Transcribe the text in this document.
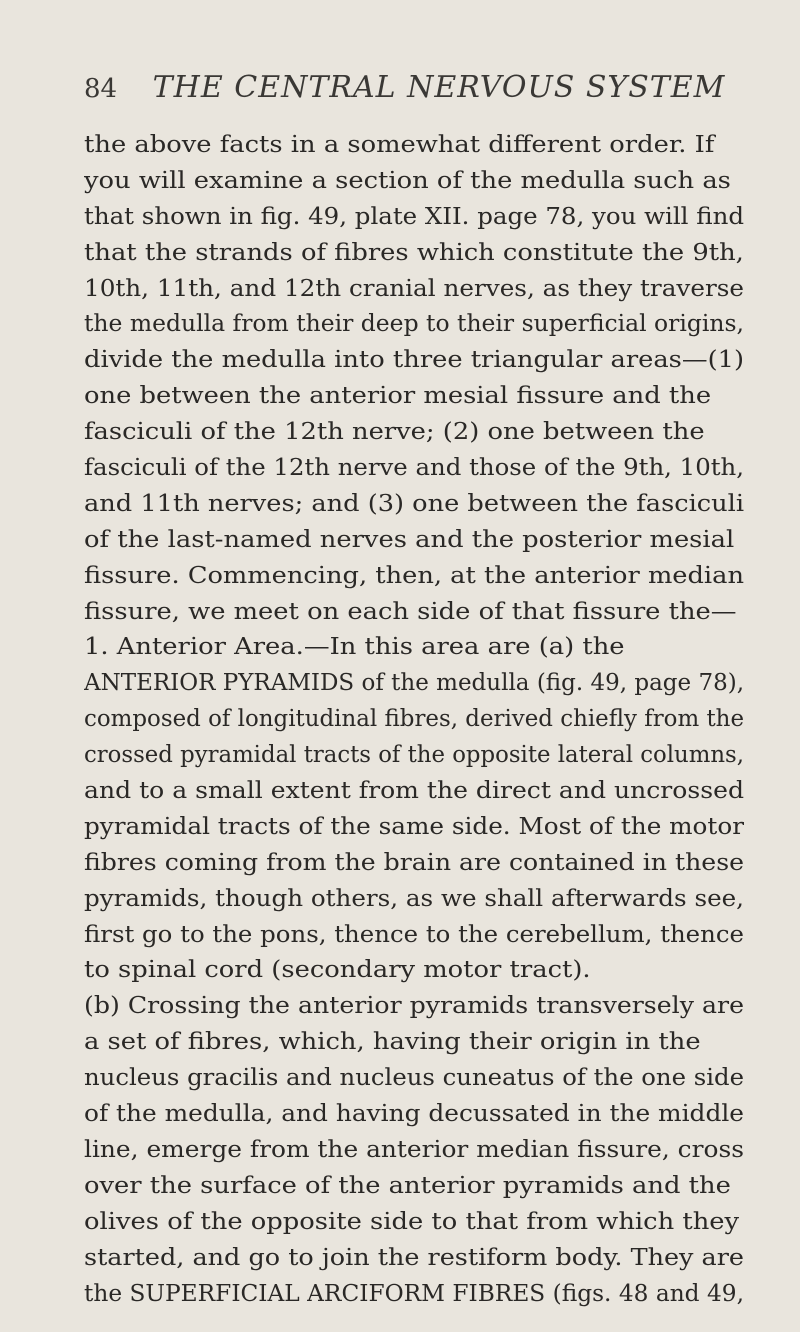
84 THE CENTRAL NERVOUS SYSTEM
the above facts in a somewhat different order. If
you will examine a section of the medulla such as
that shown in fig. 49, plate XII. page 78, you will find
that the strands of fibres which constitute the 9th,
10th, 11th, and 12th cranial nerves, as they traverse
the medulla from their deep to their superficial origins,
divide the medulla into three triangular areas—(1)
one between the anterior mesial fissure and the
fasciculi of the 12th nerve; (2) one between the
fasciculi of the 12th nerve and those of the 9th, 10th,
and 11th nerves; and (3) one between the fasciculi
of the last-named nerves and the posterior mesial
fissure. Commencing, then, at the anterior median
fissure, we meet on each side of that fissure the—
1. Anterior Area.—In this area are (a) the
ANTERIOR PYRAMIDS of the medulla (fig. 49, page 78),
composed of longitudinal fibres, derived chiefly from the
crossed pyramidal tracts of the opposite lateral columns,
and to a small extent from the direct and uncrossed
pyramidal tracts of the same side. Most of the motor
fibres coming from the brain are contained in these
pyramids, though others, as we shall afterwards see,
first go to the pons, thence to the cerebellum, thence
to spinal cord (secondary motor tract).
(b) Crossing the anterior pyramids transversely are
a set of fibres, which, having their origin in the
nucleus gracilis and nucleus cuneatus of the one side
of the medulla, and having decussated in the middle
line, emerge from the anterior median fissure, cross
over the surface of the anterior pyramids and the
olives of the opposite side to that from which they
started, and go to join the restiform body. They are
the SUPERFICIAL ARCIFORM FIBRES (figs. 48 and 49,
